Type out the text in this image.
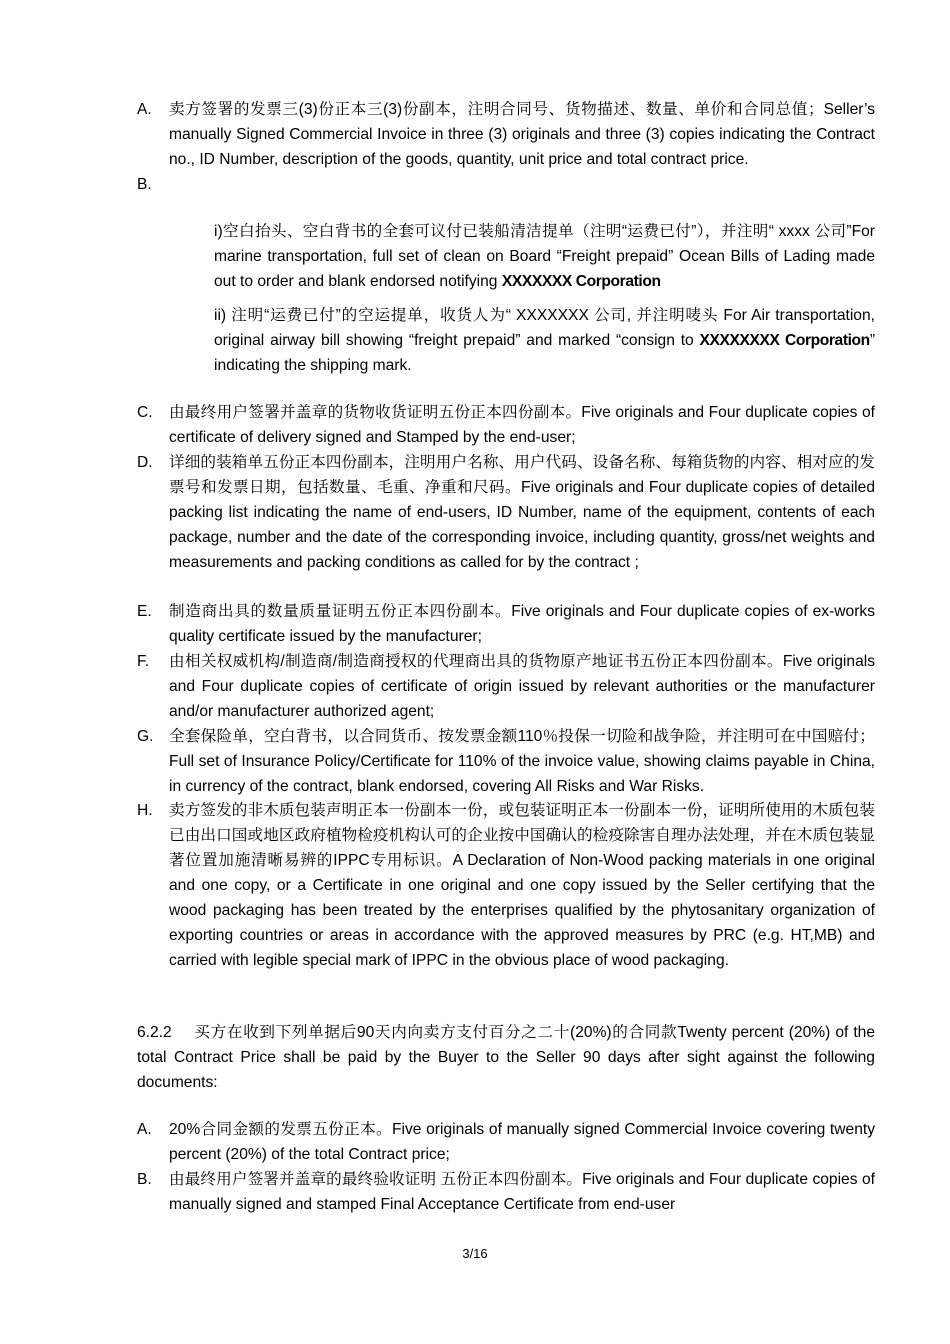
A.	卖方签署的发票三(3)份正本三(3)份副本，注明合同号、货物描述、数量、单价和合同总值；Seller’s manually Signed Commercial Invoice in three (3) originals and three (3) copies indicating the Contract no., ID Number, description of the goods, quantity, unit price and total contract price.
B.
i)空白抬头、空白背书的全套可议付已装船清洁提单（注明“运费已付”），并注明“ xxxx 公司”For marine transportation, full set of clean on Board “Freight prepaid” Ocean Bills of Lading made out to order and blank endorsed notifying XXXXXXX Corporation
ii) 注明“运费已付”的空运提单，收货人为“ XXXXXXX 公司, 并注明唛头 For Air transportation, original airway bill showing “freight prepaid” and marked “consign to XXXXXXXX Corporation” indicating the shipping mark.
C.	由最终用户签署并盖章的货物收货证明五份正本四份副本。Five originals and Four duplicate copies of certificate of delivery signed and Stamped by the end-user;
D.	详细的装箱单五份正本四份副本，注明用户名称、用户代码、设备名称、每箱货物的内容、相对应的发票号和发票日期，包括数量、毛重、净重和尺码。Five originals and Four duplicate copies of detailed packing list indicating the name of end-users, ID Number, name of the equipment, contents of each package, number and the date of the corresponding invoice, including quantity, gross/net weights and measurements and packing conditions as called for by the contract ;
E.	制造商出具的数量质量证明五份正本四份副本。Five originals and Four duplicate copies of ex-works quality certificate issued by the manufacturer;
F.	由相关权威机构/制造商/制造商授权的代理商出具的货物原产地证书五份正本四份副本。Five originals and Four duplicate copies of certificate of origin issued by relevant authorities or the manufacturer and/or manufacturer authorized agent;
G. 全套保险单，空白背书，以合同货币、按发票金额110％投保一切险和战争险，并注明可在中国赔付；Full set of Insurance Policy/Certificate for 110% of the invoice value, showing claims payable in China, in currency of the contract, blank endorsed, covering All Risks and War Risks.
H.	卖方签发的非木质包装声明正本一份副本一份，或包装证明正本一份副本一份，证明所使用的木质包装已由出口国或地区政府植物检疫机构认可的企业按中国确认的检疫除害自理办法处理，并在木质包装显著位置加施清晰易辨的IPPC专用标识。A Declaration of Non-Wood packing materials in one original and one copy, or a Certificate in one original and one copy issued by the Seller certifying that the wood packaging has been treated by the enterprises qualified by the phytosanitary organization of exporting countries or areas in accordance with the approved measures by PRC (e.g. HT,MB) and carried with legible special mark of IPPC in the obvious place of wood packaging.
6.2.2 买方在收到下列单据后90天内向卖方支付百分之二十(20%)的合同款Twenty percent (20%) of the total Contract Price shall be paid by the Buyer to the Seller 90 days after sight against the following documents:
A.	20%合同金额的发票五份正本。Five originals of manually signed Commercial Invoice covering twenty percent (20%) of the total Contract price;
B.	由最终用户签署并盖章的最终验收证明 五份正本四份副本。Five originals and Four duplicate copies of manually signed and stamped Final Acceptance Certificate from end-user
3/16
